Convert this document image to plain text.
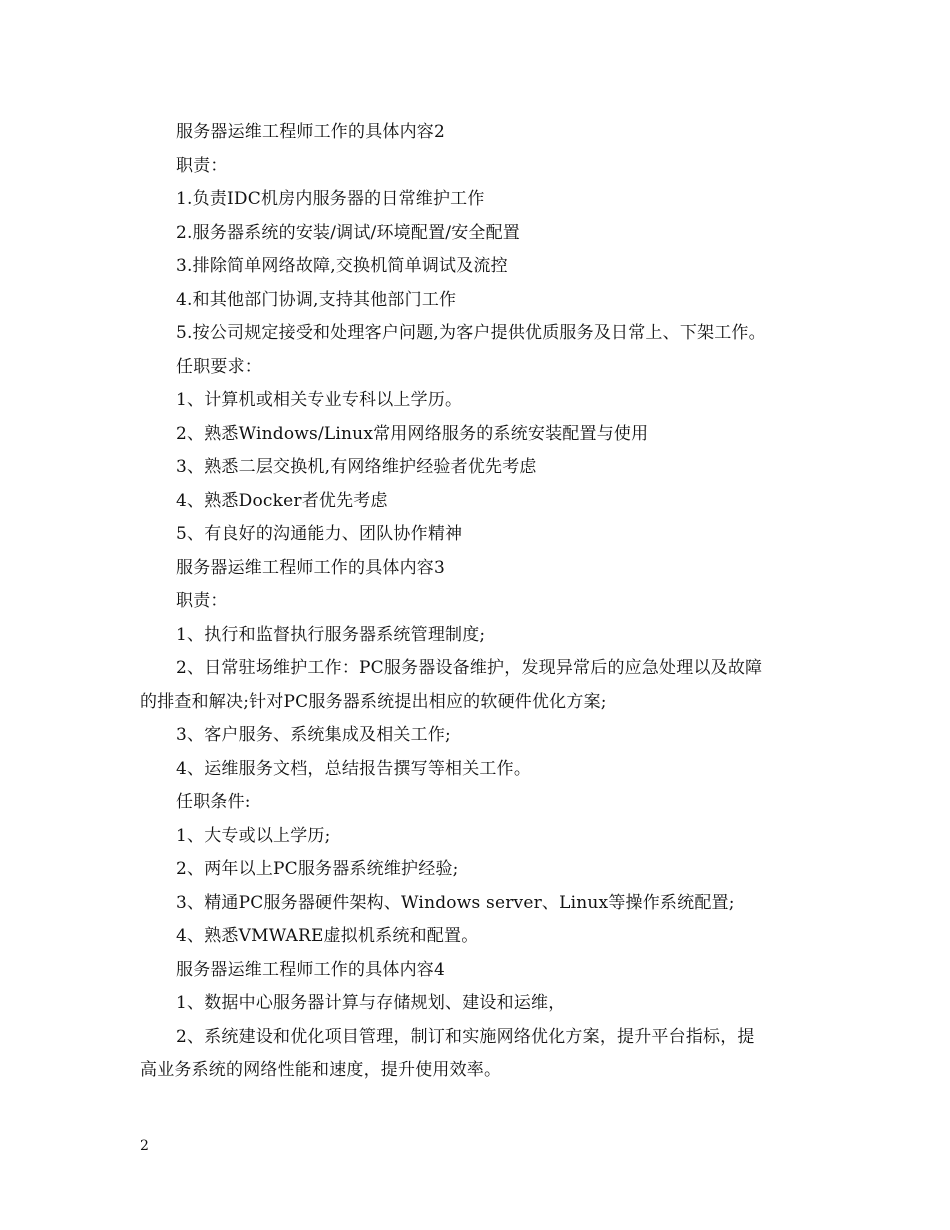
服务器运维工程师工作的具体内容2
职责：
1.负责IDC机房内服务器的日常维护工作
2.服务器系统的安装/调试/环境配置/安全配置
3.排除简单网络故障,交换机简单调试及流控
4.和其他部门协调,支持其他部门工作
5.按公司规定接受和处理客户问题,为客户提供优质服务及日常上、下架工作。
任职要求：
1、计算机或相关专业专科以上学历。
2、熟悉Windows/Linux常用网络服务的系统安装配置与使用
3、熟悉二层交换机,有网络维护经验者优先考虑
4、熟悉Docker者优先考虑
5、有良好的沟通能力、团队协作精神
服务器运维工程师工作的具体内容3
职责：
1、执行和监督执行服务器系统管理制度;
2、日常驻场维护工作：PC服务器设备维护，发现异常后的应急处理以及故障
的排查和解决;针对PC服务器系统提出相应的软硬件优化方案;
3、客户服务、系统集成及相关工作;
4、运维服务文档，总结报告撰写等相关工作。
任职条件:
1、大专或以上学历;
2、两年以上PC服务器系统维护经验;
3、精通PC服务器硬件架构、Windows server、Linux等操作系统配置;
4、熟悉VMWARE虚拟机系统和配置。
服务器运维工程师工作的具体内容4
1、数据中心服务器计算与存储规划、建设和运维，
2、系统建设和优化项目管理，制订和实施网络优化方案，提升平台指标，提
高业务系统的网络性能和速度，提升使用效率。
2
